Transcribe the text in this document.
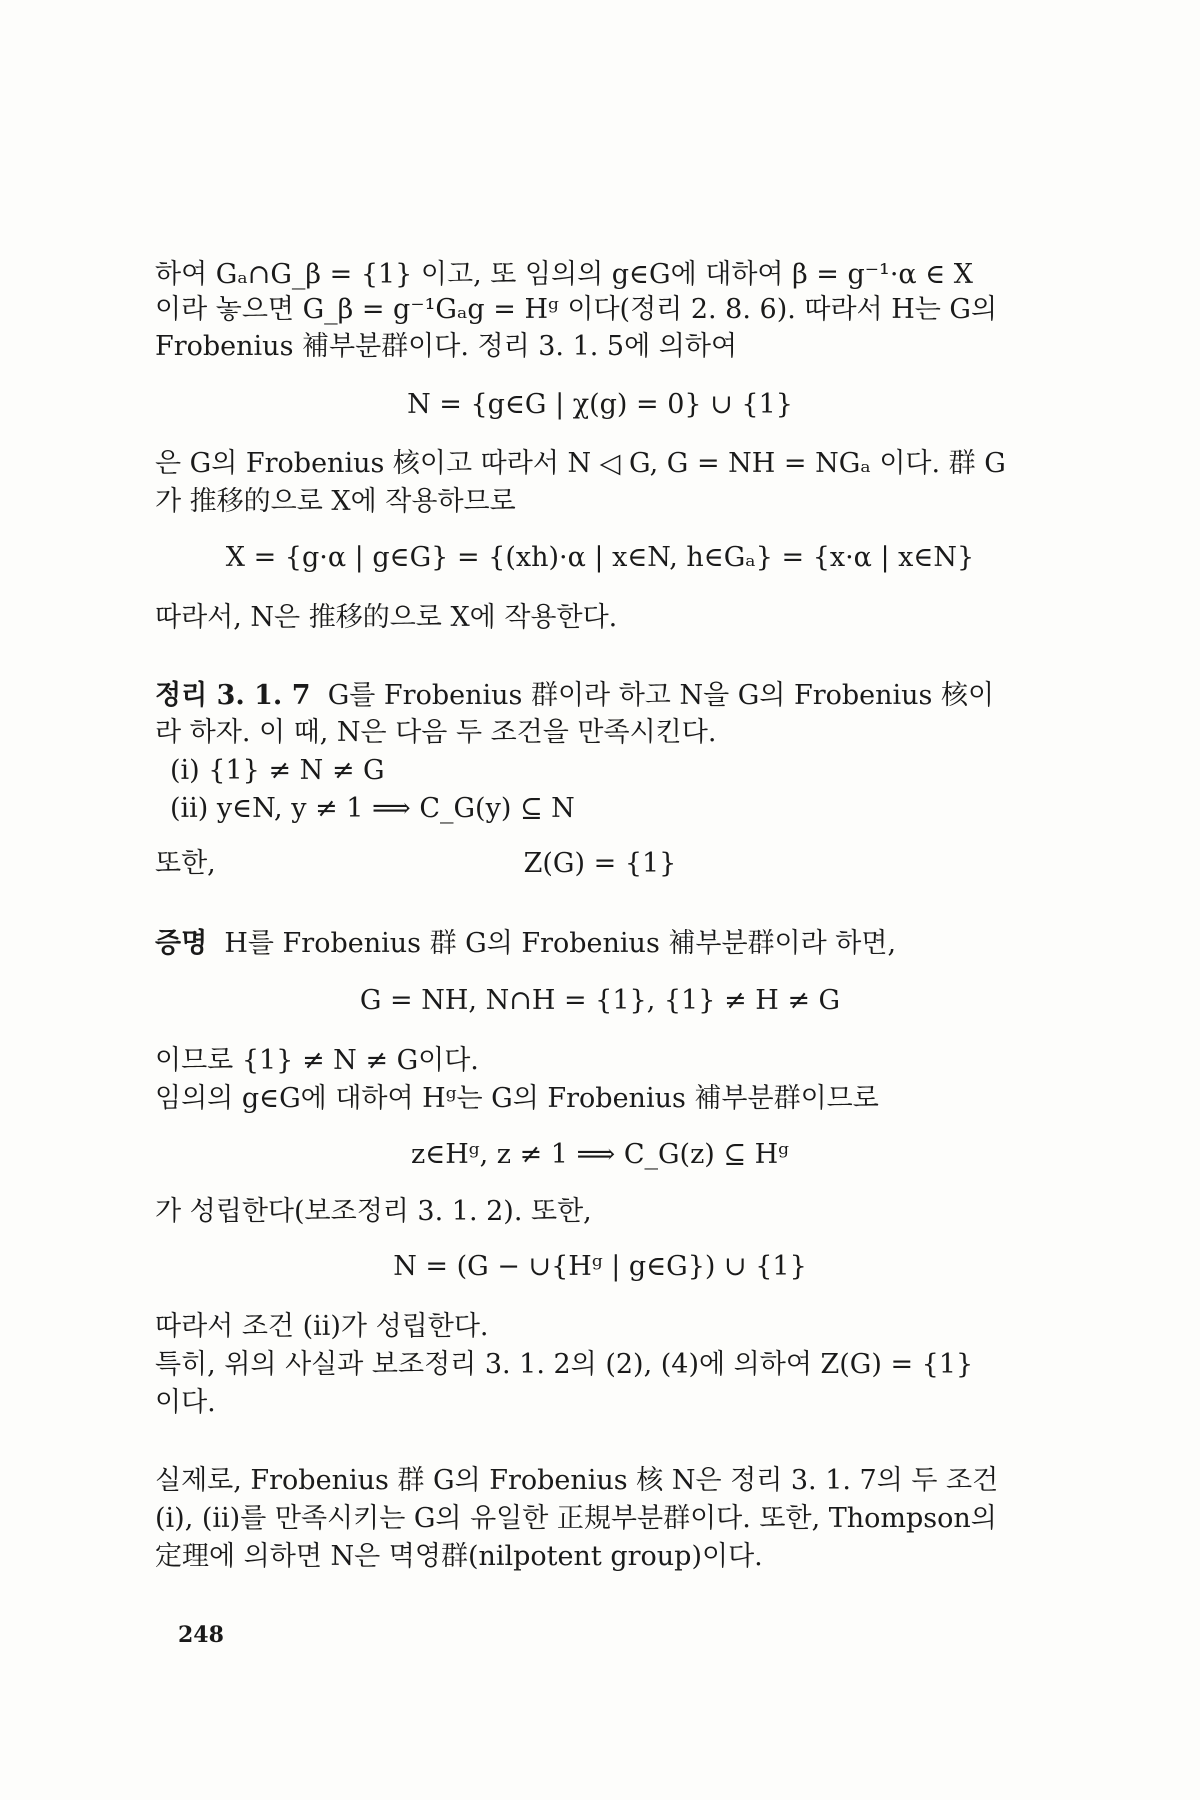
하여 Gₐ∩G_β = {1} 이고, 또 임의의 g∈G에 대하여 β = g⁻¹·α ∈ X
이라 놓으면 G_β = g⁻¹Gₐg = Hᵍ 이다(정리 2. 8. 6). 따라서 H는 G의
Frobenius 補부분群이다. 정리 3. 1. 5에 의하여
N = {g∈G | χ(g) = 0} ∪ {1}
은 G의 Frobenius 核이고 따라서 N ◁ G, G = NH = NGₐ 이다. 群 G
가 推移的으로 X에 작용하므로
X = {g·α | g∈G} = {(xh)·α | x∈N, h∈Gₐ} = {x·α | x∈N}
따라서, N은 推移的으로 X에 작용한다.
정리 3. 1. 7 G를 Frobenius 群이라 하고 N을 G의 Frobenius 核이
라 하자. 이 때, N은 다음 두 조건을 만족시킨다.
(i) {1} ≠ N ≠ G
(ii) y∈N, y ≠ 1 ⟹ C_G(y) ⊆ N
또한,	Z(G) = {1}
증명 H를 Frobenius 群 G의 Frobenius 補부분群이라 하면,
G = NH, N∩H = {1}, {1} ≠ H ≠ G
이므로 {1} ≠ N ≠ G이다.
임의의 g∈G에 대하여 Hᵍ는 G의 Frobenius 補부분群이므로
z∈Hᵍ, z ≠ 1 ⟹ C_G(z) ⊆ Hᵍ
가 성립한다(보조정리 3. 1. 2). 또한,
N = (G − ∪{Hᵍ | g∈G}) ∪ {1}
따라서 조건 (ii)가 성립한다.
특히, 위의 사실과 보조정리 3. 1. 2의 (2), (4)에 의하여 Z(G) = {1}
이다.
실제로, Frobenius 群 G의 Frobenius 核 N은 정리 3. 1. 7의 두 조건
(i), (ii)를 만족시키는 G의 유일한 正規부분群이다. 또한, Thompson의
定理에 의하면 N은 멱영群(nilpotent group)이다.
248
